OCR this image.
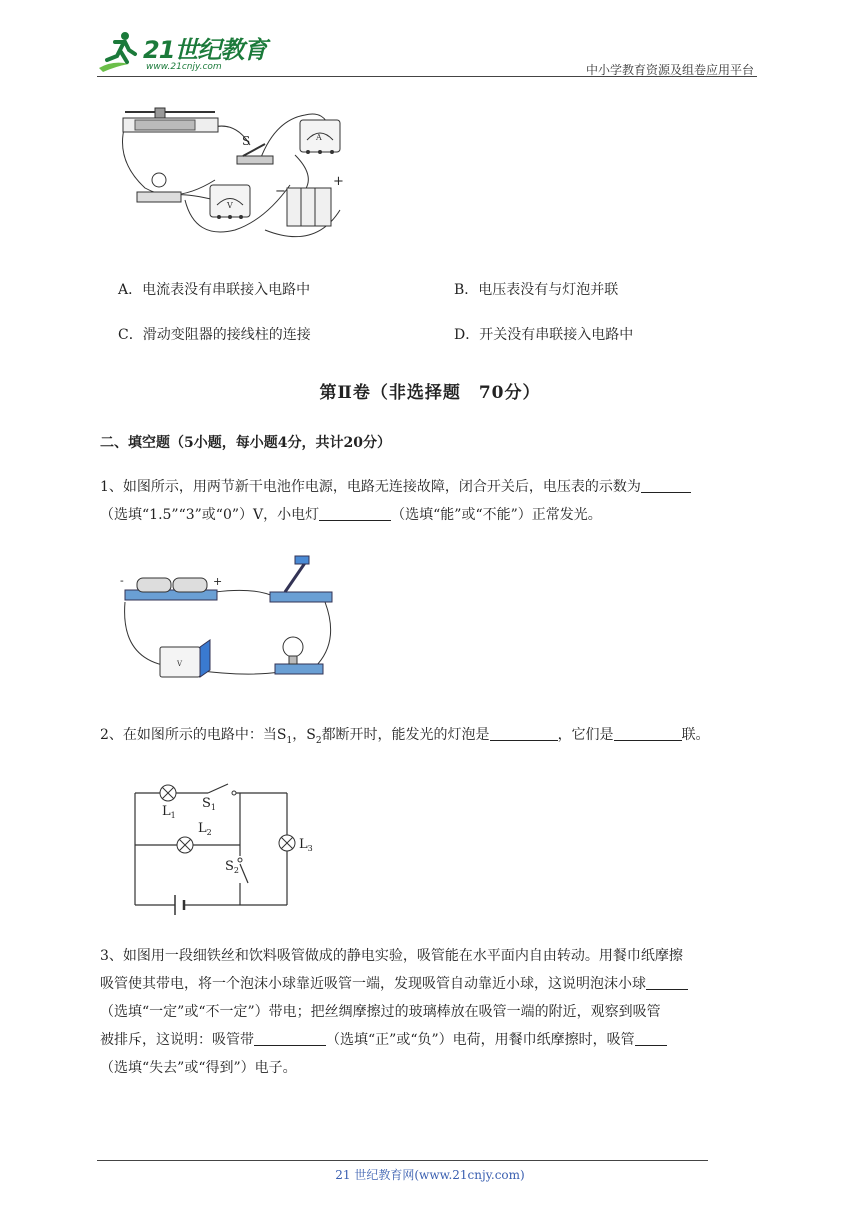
21世纪教育
www.21cnjy.com	中小学教育资源及组卷应用平台
A
S
V
−
+
A．电流表没有串联接入电路中	B．电压表没有与灯泡并联
C．滑动变阻器的接线柱的连接	D．开关没有串联接入电路中
第Ⅱ卷（非选择题　70分）
二、填空题（5小题，每小题4分，共计20分）
1、如图所示，用两节新干电池作电源，电路无连接故障，闭合开关后，电压表的示数为
（选填“1.5”“3”或“0”）V，小电灯	（选填“能”或“不能”）正常发光。
-	+
V
2、在如图所示的电路中：当$S_1$，$S_2$都断开时，能发光的灯泡是	，它们是	联。
$L_1$
$L_2$
$L_3$
$S_1$
$S_2$
3、如图用一段细铁丝和饮料吸管做成的静电实验，吸管能在水平面内自由转动。用餐巾纸摩擦
吸管使其带电，将一个泡沫小球靠近吸管一端，发现吸管自动靠近小球，这说明泡沫小球
（选填“一定”或“不一定”）带电；把丝绸摩擦过的玻璃棒放在吸管一端的附近，观察到吸管
被排斥，这说明：吸管带	（选填“正”或“负”）电荷，用餐巾纸摩擦时，吸管
（选填“失去”或“得到”）电子。
21 世纪教育网(www.21cnjy.com)
